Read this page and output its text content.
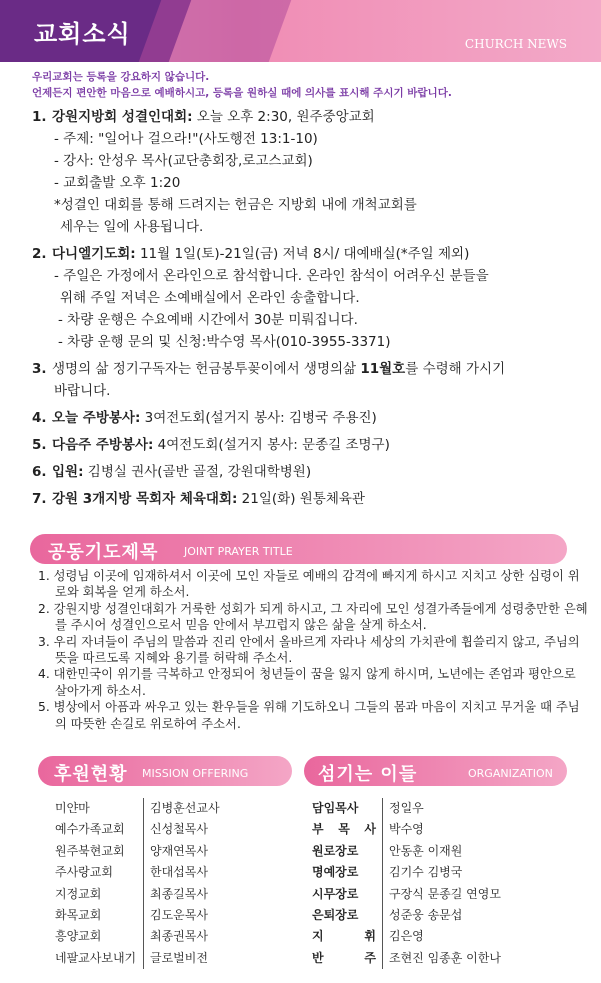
교회소식	CHURCH NEWS
우리교회는 등록을 강요하지 않습니다.
언제든지 편안한 마음으로 예배하시고, 등록을 원하실 때에 의사를 표시해 주시기 바랍니다.
1. 강원지방회 성결인대회: 오늘 오후 2:30, 원주중앙교회
- 주제: "일어나 걸으라!"(사도행전 13:1-10)
- 강사: 안성우 목사(교단총회장,로고스교회)
- 교회출발 오후 1:20
*성결인 대회를 통해 드려지는 헌금은 지방회 내에 개척교회를
세우는 일에 사용됩니다.
2. 다니엘기도회: 11월 1일(토)-21일(금) 저녁 8시/ 대예배실(*주일 제외)
- 주일은 가정에서 온라인으로 참석합니다. 온라인 참석이 어려우신 분들을
위해 주일 저녁은 소예배실에서 온라인 송출합니다.
- 차량 운행은 수요예배 시간에서 30분 미뤄집니다.
- 차량 운행 문의 및 신청:박수영 목사(010-3955-3371)
3. 생명의 삶 정기구독자는 헌금봉투꽂이에서 생명의삶 11월호를 수령해 가시기
바랍니다.
4. 오늘 주방봉사: 3여전도회(설거지 봉사: 김병국 주용진)
5. 다음주 주방봉사: 4여전도회(설거지 봉사: 문종길 조명구)
6. 입원: 김병실 권사(골반 골절, 강원대학병원)
7. 강원 3개지방 목회자 체육대회: 21일(화) 원통체육관
공동기도제목 JOINT PRAYER TITLE
1. 성령님 이곳에 임재하셔서 이곳에 모인 자들로 예배의 감격에 빠지게 하시고 지치고 상한 심령이 위로와 회복을 얻게 하소서.
2. 강원지방 성결인대회가 거룩한 성회가 되게 하시고, 그 자리에 모인 성결가족들에게 성령충만한 은혜를 주시어 성결인으로서 믿음 안에서 부끄럽지 않은 삶을 살게 하소서.
3. 우리 자녀들이 주님의 말씀과 진리 안에서 올바르게 자라나 세상의 가치관에 휩쓸리지 않고, 주님의 뜻을 따르도록 지혜와 용기를 허락해 주소서.
4. 대한민국이 위기를 극복하고 안정되어 청년들이 꿈을 잃지 않게 하시며, 노년에는 존엄과 평안으로 살아가게 하소서.
5. 병상에서 아픔과 싸우고 있는 환우들을 위해 기도하오니 그들의 몸과 마음이 지치고 무거울 때 주님의 따뜻한 손길로 위로하여 주소서.
후원현황 MISSION OFFERING	섬기는 이들	ORGANIZATION
미얀마	김병훈선교사
예수가족교회	신성철목사
원주북현교회	양재연목사
주사랑교회	한대섭목사
지정교회	최종길목사
화목교회	김도운목사
흥양교회	최종권목사
네팔교사보내기	글로벌비전
담임목사	정일우
부 목 사	박수영
원로장로	안동훈 이재원
명예장로	김기수 김병국
시무장로	구장식 문종길 연영모
은퇴장로	성준웅 송문섭
지 휘	김은영
반 주	조현진 임종훈 이한나
